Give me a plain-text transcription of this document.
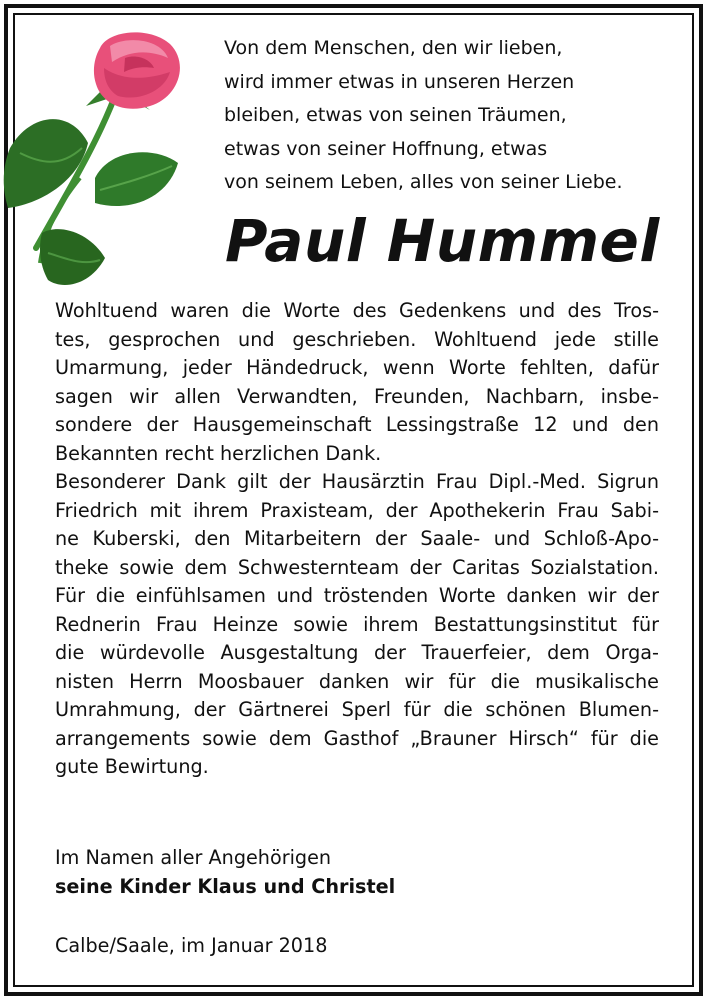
Von dem Menschen, den wir lieben,
wird immer etwas in unseren Herzen
bleiben, etwas von seinen Träumen,
etwas von seiner Hoffnung, etwas
von seinem Leben, alles von seiner Liebe.
Paul Hummel
Wohltuend waren die Worte des Gedenkens und des Tros-
tes, gesprochen und geschrieben. Wohltuend jede stille
Umarmung, jeder Händedruck, wenn Worte fehlten, dafür
sagen wir allen Verwandten, Freunden, Nachbarn, insbe-
sondere der Hausgemeinschaft Lessingstraße 12 und den
Bekannten recht herzlichen Dank.
Besonderer Dank gilt der Hausärztin Frau Dipl.-Med. Sigrun
Friedrich mit ihrem Praxisteam, der Apothekerin Frau Sabi-
ne Kuberski, den Mitarbeitern der Saale- und Schloß-Apo-
theke sowie dem Schwesternteam der Caritas Sozialstation.
Für die einfühlsamen und tröstenden Worte danken wir der
Rednerin Frau Heinze sowie ihrem Bestattungsinstitut für
die würdevolle Ausgestaltung der Trauerfeier, dem Orga-
nisten Herrn Moosbauer danken wir für die musikalische
Umrahmung, der Gärtnerei Sperl für die schönen Blumen-
arrangements sowie dem Gasthof „Brauner Hirsch“ für die
gute Bewirtung.
Im Namen aller Angehörigen
seine Kinder Klaus und Christel
Calbe/Saale, im Januar 2018
